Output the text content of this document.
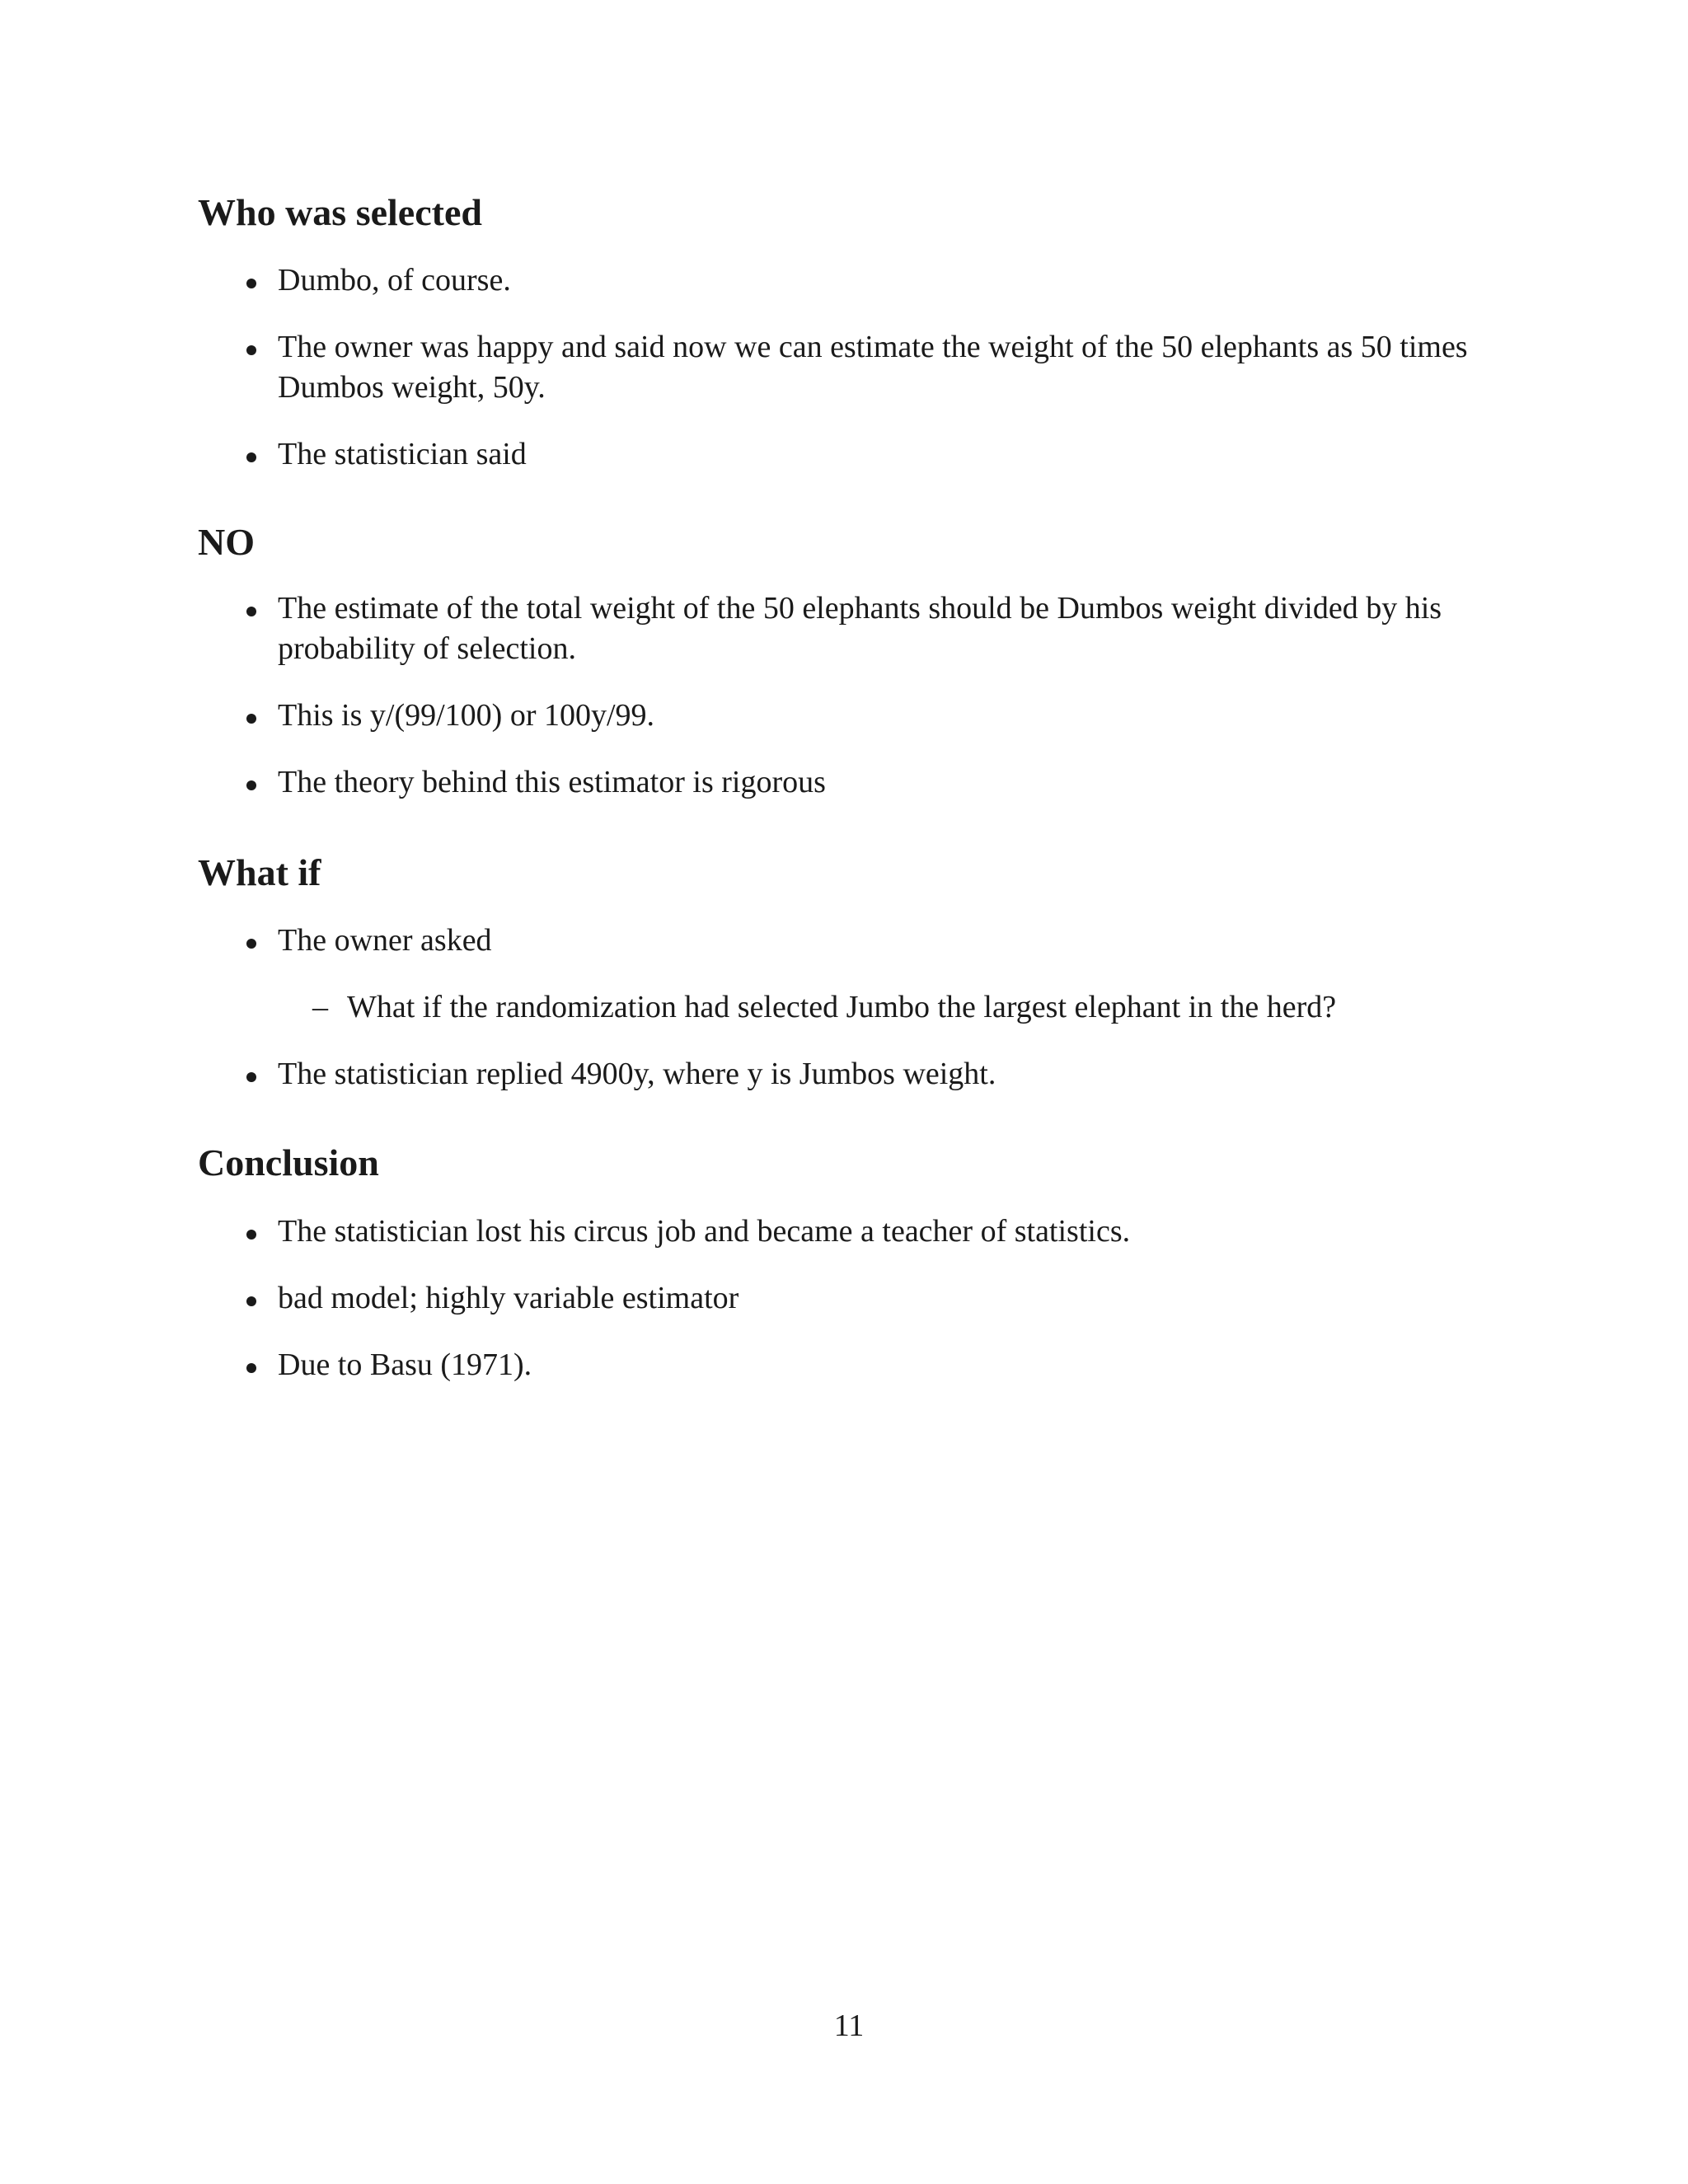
Who was selected
Dumbo, of course.
The owner was happy and said now we can estimate the weight of the 50 elephants as 50 times Dumbos weight, 50y.
The statistician said
NO
The estimate of the total weight of the 50 elephants should be Dumbos weight divided by his probability of selection.
This is y/(99/100) or 100y/99.
The theory behind this estimator is rigorous
What if
The owner asked
– What if the randomization had selected Jumbo the largest elephant in the herd?
The statistician replied 4900y, where y is Jumbos weight.
Conclusion
The statistician lost his circus job and became a teacher of statistics.
bad model; highly variable estimator
Due to Basu (1971).
11
